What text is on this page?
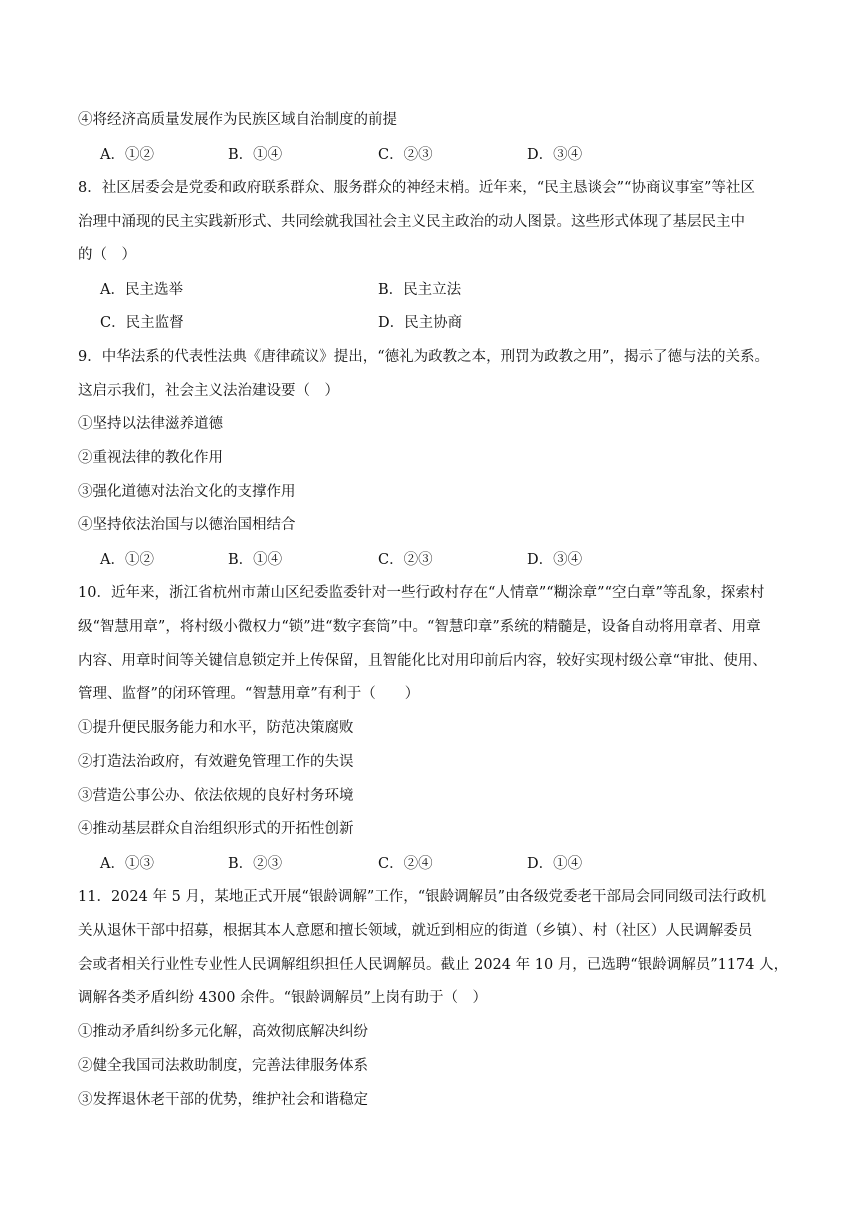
④将经济高质量发展作为民族区域自治制度的前提
A．①②	B．①④	C．②③	D．③④
8．社区居委会是党委和政府联系群众、服务群众的神经末梢。近年来，“民主恳谈会”“协商议事室”等社区
治理中涌现的民主实践新形式、共同绘就我国社会主义民主政治的动人图景。这些形式体现了基层民主中
的（　）
A．民主选举	B．民主立法
C．民主监督	D．民主协商
9．中华法系的代表性法典《唐律疏议》提出，“德礼为政教之本，刑罚为政教之用”，揭示了德与法的关系。
这启示我们，社会主义法治建设要（　）
①坚持以法律滋养道德
②重视法律的教化作用
③强化道德对法治文化的支撑作用
④坚持依法治国与以德治国相结合
A．①②	B．①④	C．②③	D．③④
10．近年来，浙江省杭州市萧山区纪委监委针对一些行政村存在“人情章”“糊涂章”“空白章”等乱象，探索村
级“智慧用章”，将村级小微权力“锁”进“数字套筒”中。“智慧印章”系统的精髓是，设备自动将用章者、用章
内容、用章时间等关键信息锁定并上传保留，且智能化比对用印前后内容，较好实现村级公章“审批、使用、
管理、监督”的闭环管理。“智慧用章”有利于（　　）
①提升便民服务能力和水平，防范决策腐败
②打造法治政府，有效避免管理工作的失误
③营造公事公办、依法依规的良好村务环境
④推动基层群众自治组织形式的开拓性创新
A．①③	B．②③	C．②④	D．①④
11．2024 年 5 月，某地正式开展“银龄调解”工作，“银龄调解员”由各级党委老干部局会同同级司法行政机
关从退休干部中招募，根据其本人意愿和擅长领域，就近到相应的街道（乡镇）、村（社区）人民调解委员
会或者相关行业性专业性人民调解组织担任人民调解员。截止 2024 年 10 月，已选聘“银龄调解员”1174 人，
调解各类矛盾纠纷 4300 余件。“银龄调解员”上岗有助于（　）
①推动矛盾纠纷多元化解，高效彻底解决纠纷
②健全我国司法救助制度，完善法律服务体系
③发挥退休老干部的优势，维护社会和谐稳定
